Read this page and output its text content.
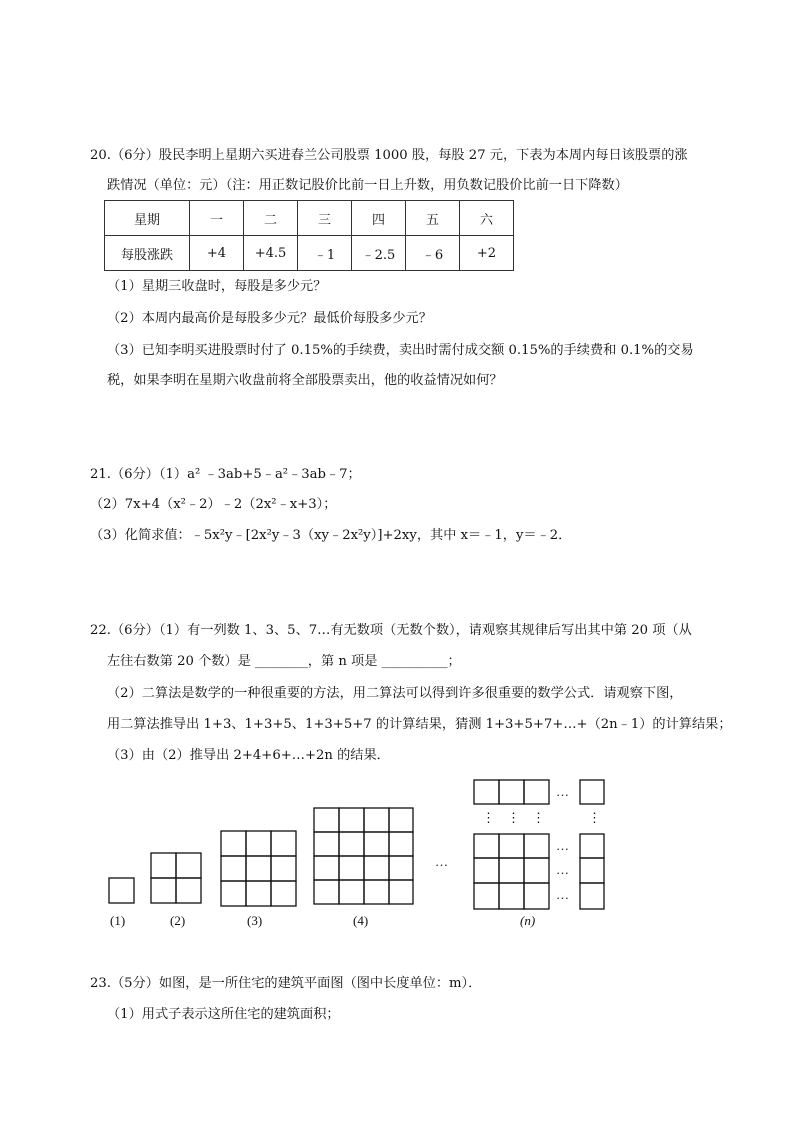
20.（6分）股民李明上星期六买进春兰公司股票 1000 股，每股 27 元，下表为本周内每日该股票的涨
跌情况（单位：元）（注：用正数记股价比前一日上升数，用负数记股价比前一日下降数）
星期	一	二	三	四	五	六
每股涨跌	+4	+4.5	﹣1	﹣2.5	﹣6	+2
（1）星期三收盘时，每股是多少元？
（2）本周内最高价是每股多少元？最低价每股多少元？
（3）已知李明买进股票时付了 0.15%的手续费，卖出时需付成交额 0.15%的手续费和 0.1%的交易
税，如果李明在星期六收盘前将全部股票卖出，他的收益情况如何？
21.（6分）（1）a² ﹣3ab+5﹣a²﹣3ab﹣7；
（2）7x+4（x²﹣2）﹣2（2x²﹣x+3）；
（3）化简求值：﹣5x²y﹣[2x²y﹣3（xy﹣2x²y）]+2xy，其中 x＝﹣1，y＝﹣2．
22.（6分）（1）有一列数 1、3、5、7…有无数项（无数个数），请观察其规律后写出其中第 20 项（从
左往右数第 20 个数）是 ________，第 n 项是 __________；
（2）二算法是数学的一种很重要的方法，用二算法可以得到许多很重要的数学公式．请观察下图，
用二算法推导出 1+3、1+3+5、1+3+5+7 的计算结果，猜测 1+3+5+7+…+（2n﹣1）的计算结果；
（3）由（2）推导出 2+4+6+…+2n 的结果．
…
…
⋮ ⋮ ⋮	⋮
…
…
…
(1)	(2)	(3)	(4)	(n)
23.（5分）如图，是一所住宅的建筑平面图（图中长度单位：m）．
（1）用式子表示这所住宅的建筑面积；
